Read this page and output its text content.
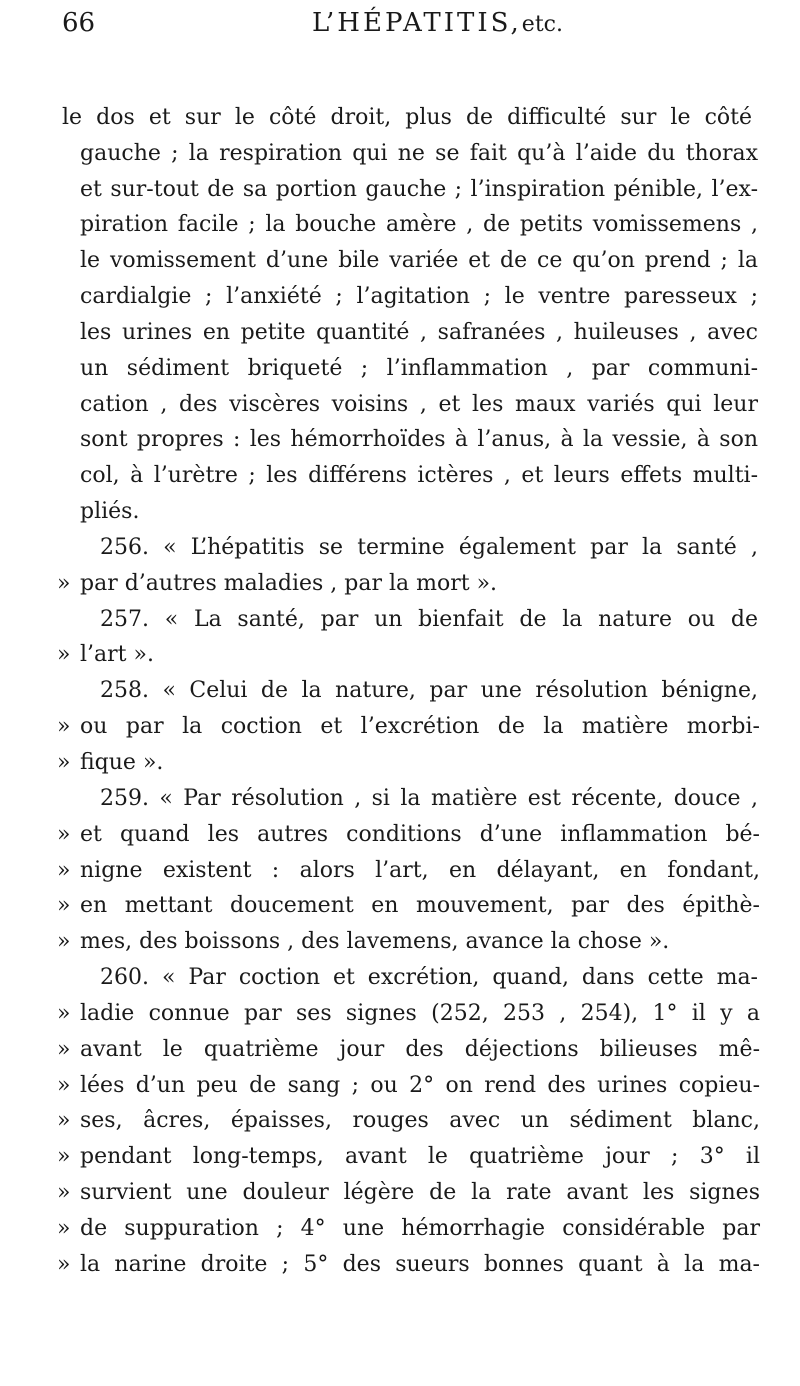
66	L’HÉPATITIS,etc.
le dos et sur le côté droit, plus de difficulté sur le côté
gauche ; la respiration qui ne se fait qu’à l’aide du thorax
et sur-tout de sa portion gauche ; l’inspiration pénible, l’ex-
piration facile ; la bouche amère , de petits vomissemens ,
le vomissement d’une bile variée et de ce qu’on prend ; la
cardialgie ; l’anxiété ; l’agitation ; le ventre paresseux ;
les urines en petite quantité , safranées , huileuses , avec
un sédiment briqueté ; l’inflammation , par communi-
cation , des viscères voisins , et les maux variés qui leur
sont propres : les hémorrhoïdes à l’anus, à la vessie, à son
col, à l’urètre ; les différens ictères , et leurs effets multi-
pliés.
256. « L’hépatitis se termine également par la santé ,
» par d’autres maladies , par la mort ».
257. « La santé, par un bienfait de la nature ou de
» l’art ».
258. « Celui de la nature, par une résolution bénigne,
» ou par la coction et l’excrétion de la matière morbi-
» fique ».
259. « Par résolution , si la matière est récente, douce ,
» et quand les autres conditions d’une inflammation bé-
» nigne existent : alors l’art, en délayant, en fondant,
» en mettant doucement en mouvement, par des épithè-
» mes, des boissons , des lavemens, avance la chose ».
260. « Par coction et excrétion, quand, dans cette ma-
» ladie connue par ses signes (252, 253 , 254), 1° il y a
» avant le quatrième jour des déjections bilieuses mê-
» lées d’un peu de sang ; ou 2° on rend des urines copieu-
» ses, âcres, épaisses, rouges avec un sédiment blanc,
» pendant long-temps, avant le quatrième jour ; 3° il
» survient une douleur légère de la rate avant les signes
» de suppuration ; 4° une hémorrhagie considérable par
» la narine droite ; 5° des sueurs bonnes quant à la ma-
